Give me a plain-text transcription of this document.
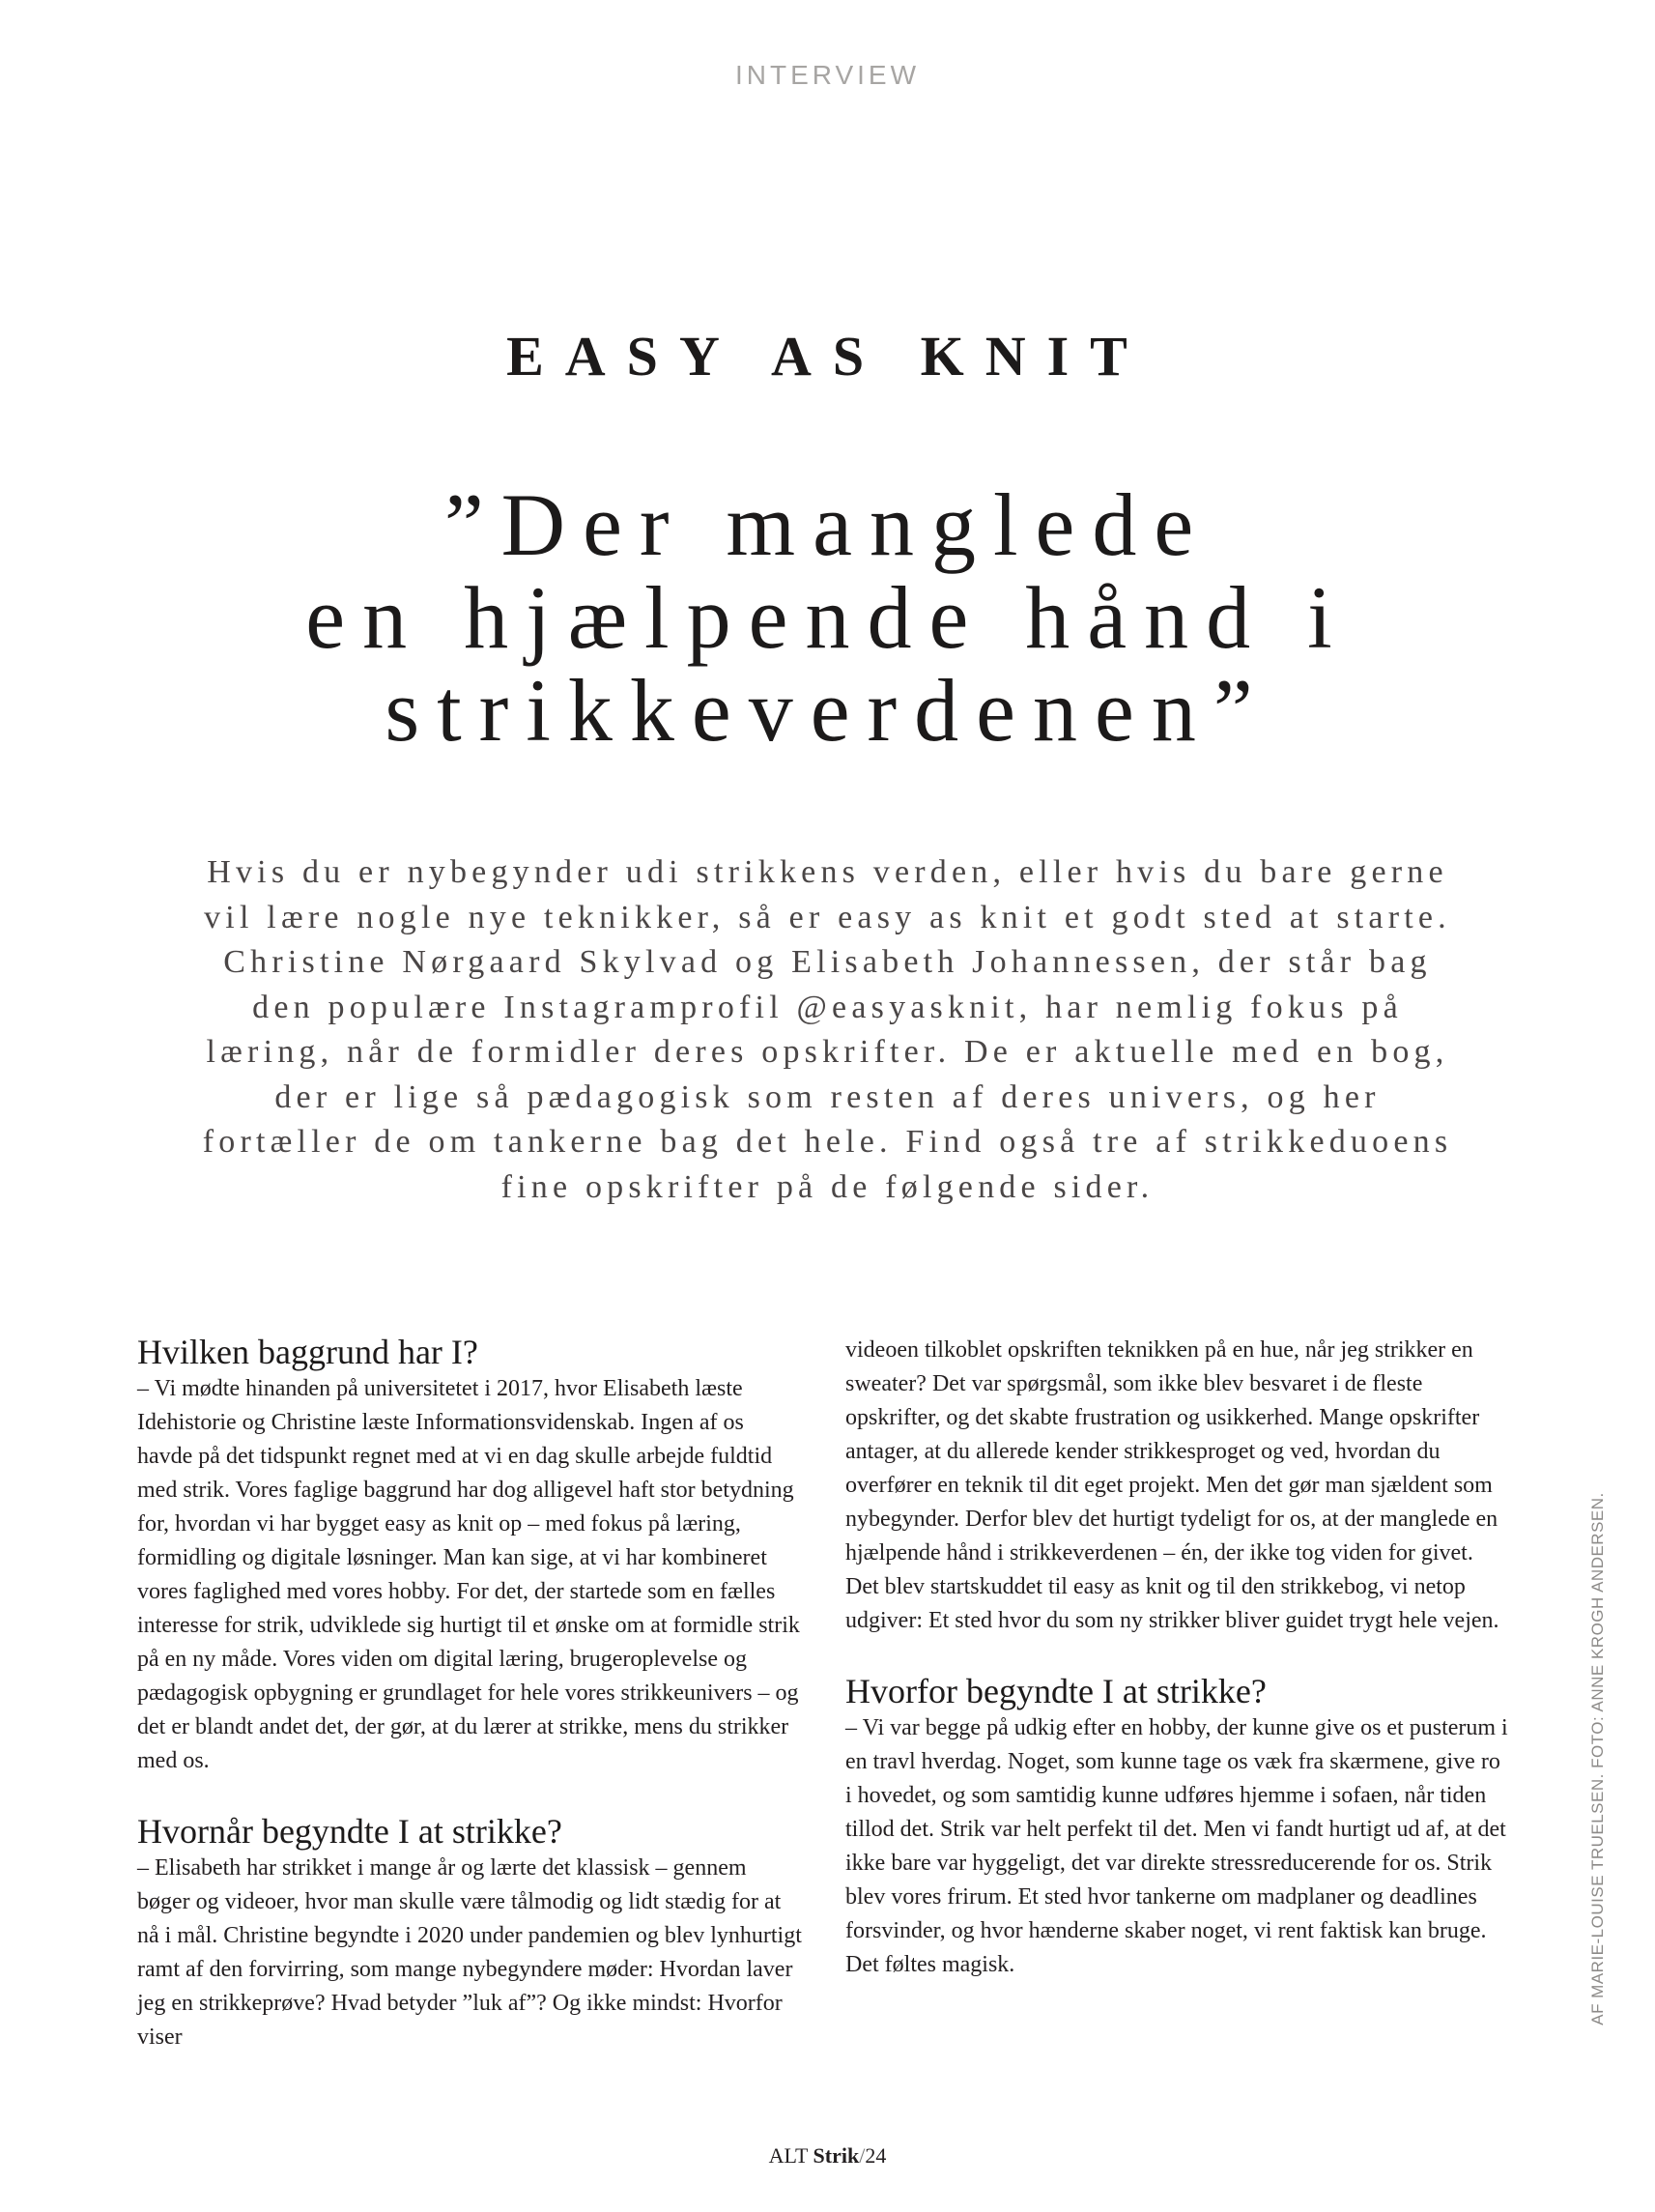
INTERVIEW
EASY AS KNIT
”Der manglede
en hjælpende hånd i
strikkeverdenen”

Hvis du er nybegynder udi strikkens verden, eller hvis du bare gerne vil lære nogle nye teknikker, så er easy as knit et godt sted at starte. Christine Nørgaard Skylvad og Elisabeth Johannessen, der står bag den populære Instagramprofil @easyasknit, har nemlig fokus på læring, når de formidler deres opskrifter. De er aktuelle med en bog, der er lige så pædagogisk som resten af deres univers, og her fortæller de om tankerne bag det hele. Find også tre af strikkeduoens fine opskrifter på de følgende sider.

Hvilken baggrund har I?

– Vi mødte hinanden på universitetet i 2017, hvor Elisabeth læste Idehistorie og Christine læste Informationsvidenskab. Ingen af os havde på det tidspunkt regnet med at vi en dag skulle arbejde fuldtid med strik. Vores faglige baggrund har dog alligevel haft stor betydning for, hvordan vi har bygget easy as knit op – med fokus på læring, formidling og digitale løsninger. Man kan sige, at vi har kombineret vores faglighed med vores hobby. For det, der startede som en fælles interesse for strik, udviklede sig hurtigt til et ønske om at formidle strik på en ny måde. Vores viden om digital læring, brugeroplevelse og pædagogisk opbygning er grundlaget for hele vores strikkeunivers – og det er blandt andet det, der gør, at du lærer at strikke, mens du strikker med os.

Hvornår begyndte I at strikke?

– Elisabeth har strikket i mange år og lærte det klassisk – gennem bøger og videoer, hvor man skulle være tålmodig og lidt stædig for at nå i mål. Christine begyndte i 2020 under pandemien og blev lynhurtigt ramt af den forvirring, som mange nybegyndere møder: Hvordan laver jeg en strikkeprøve? Hvad betyder ”luk af”? Og ikke mindst: Hvorfor viser

videoen tilkoblet opskriften teknikken på en hue, når jeg strikker en sweater? Det var spørgsmål, som ikke blev besvaret i de fleste opskrifter, og det skabte frustration og usikkerhed. Mange opskrifter antager, at du allerede kender strikkesproget og ved, hvordan du overfører en teknik til dit eget projekt. Men det gør man sjældent som nybegynder. Derfor blev det hurtigt tydeligt for os, at der manglede en hjælpende hånd i strikkeverdenen – én, der ikke tog viden for givet. Det blev startskuddet til easy as knit og til den strikkebog, vi netop udgiver: Et sted hvor du som ny strikker bliver guidet trygt hele vejen.

Hvorfor begyndte I at strikke?

– Vi var begge på udkig efter en hobby, der kunne give os et pusterum i en travl hverdag. Noget, som kunne tage os væk fra skærmene, give ro i hovedet, og som samtidig kunne udføres hjemme i sofaen, når tiden tillod det. Strik var helt perfekt til det. Men vi fandt hurtigt ud af, at det ikke bare var hyggeligt, det var direkte stressreducerende for os. Strik blev vores frirum. Et sted hvor tankerne om madplaner og deadlines forsvinder, og hvor hænderne skaber noget, vi rent faktisk kan bruge. Det føltes magisk.	AF MARIE-LOUISE TRUELSEN. FOTO: ANNE KROGH ANDERSEN.
ALT Strik/24
